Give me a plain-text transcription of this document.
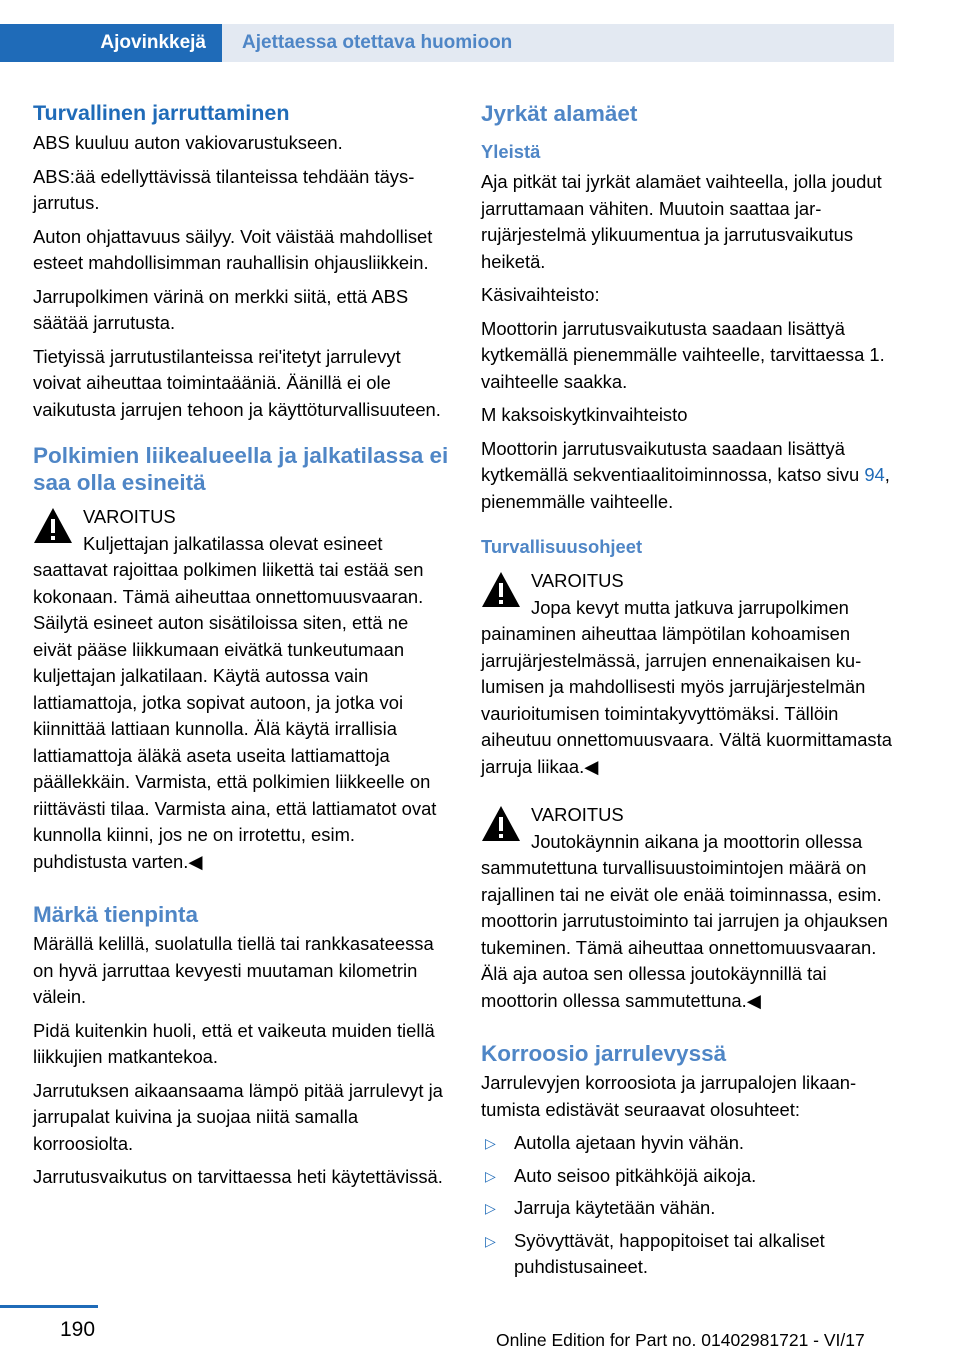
Ajovinkkejä	Ajettaessa otettava huomioon
Turvallinen jarruttaminen

ABS kuuluu auton vakiovarustukseen.

ABS:ää edellyttävissä tilanteissa tehdään täysjarrutus.

Auton ohjattavuus säilyy. Voit väistää mahdolliset esteet mahdollisimman rauhallisin ohjausliikkein.

Jarrupolkimen värinä on merkki siitä, että ABS säätää jarrutusta.

Tietyissä jarrutustilanteissa rei'itetyt jarrulevyt voivat aiheuttaa toimintaääniä. Äänillä ei ole vaikutusta jarrujen tehoon ja käyttöturvallisuuteen.

Polkimien liikealueella ja jalkatilassa ei saa olla esineitä
VAROITUS
Kuljettajan jalkatilassa olevat esineet
saattavat rajoittaa polkimen liikettä tai estää sen kokonaan. Tämä aiheuttaa onnettomuusvaaran. Säilytä esineet auton sisätiloissa siten, että ne eivät pääse liikkumaan eivätkä tunkeutumaan kuljettajan jalkatilaan. Käytä autossa vain lattiamattoja, jotka sopivat autoon, ja jotka voi kiinnittää lattiaan kunnolla. Älä käytä irrallisia lattiamattoja äläkä aseta useita lattiamattoja päällekkäin. Varmista, että polkimien liikkeelle on riittävästi tilaa. Varmista aina, että lattiamatot ovat kunnolla kiinni, jos ne on irrotettu, esim. puhdistusta varten.◀
Märkä tienpinta

Märällä kelillä, suolatulla tiellä tai rankkasateessa on hyvä jarruttaa kevyesti muutaman kilometrin välein.

Pidä kuitenkin huoli, että et vaikeuta muiden tiellä liikkujien matkantekoa.

Jarrutuksen aikaansaama lämpö pitää jarrulevyt ja jarrupalat kuivina ja suojaa niitä samalla korroosiolta.

Jarrutusvaikutus on tarvittaessa heti käytettävissä.

Jyrkät alamäet
Yleistä

Aja pitkät tai jyrkät alamäet vaihteella, jolla joudut jarruttamaan vähiten. Muutoin saattaa jarrujärjestelmä ylikuumentua ja jarrutusvaikutus heiketä.

Käsivaihteisto:

Moottorin jarrutusvaikutusta saadaan lisättyä kytkemällä pienemmälle vaihteelle, tarvittaessa 1. vaihteelle saakka.

M kaksoiskytkinvaihteisto

Moottorin jarrutusvaikutusta saadaan lisättyä kytkemällä sekventiaalitoiminnossa, katso sivu 94, pienemmälle vaihteelle.

Turvallisuusohjeet
VAROITUS
Jopa kevyt mutta jatkuva jarrupolkimen
painaminen aiheuttaa lämpötilan kohoamisen jarrujärjestelmässä, jarrujen ennenaikaisen kulumisen ja mahdollisesti myös jarrujärjestelmän vaurioitumisen toimintakyvyttömäksi. Tällöin aiheutuu onnettomuusvaara. Vältä kuormittamasta jarruja liikaa.◀
VAROITUS
Joutokäynnin aikana ja moottorin ollessa
sammutettuna turvallisuustoimintojen määrä on rajallinen tai ne eivät ole enää toiminnassa, esim. moottorin jarrutustoiminto tai jarrujen ja ohjauksen tukeminen. Tämä aiheuttaa onnettomuusvaaran. Älä aja autoa sen ollessa joutokäynnillä tai moottorin ollessa sammutettuna.◀
Korroosio jarrulevyssä

Jarrulevyjen korroosiota ja jarrupalojen likaantumista edistävät seuraavat olosuhteet:

▷ Autolla ajetaan hyvin vähän.
▷ Auto seisoo pitkähköjä aikoja.
▷ Jarruja käytetään vähän.
▷ Syövyttävät, happopitoiset tai alkaliset puhdistusaineet.
190	Online Edition for Part no. 01402981721 - VI/17
